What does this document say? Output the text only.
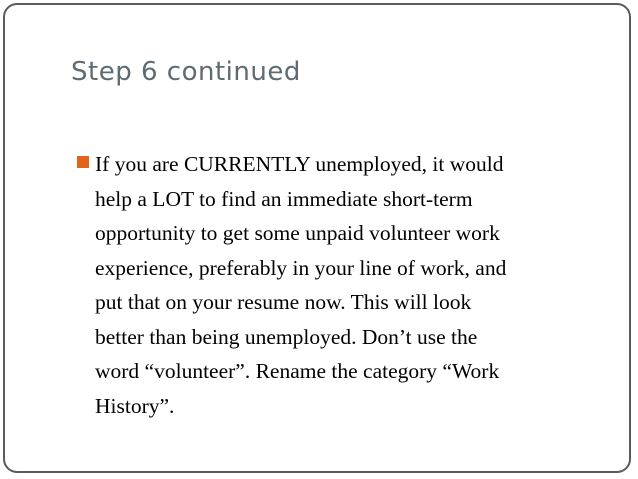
Step 6 continued
If you are CURRENTLY unemployed, it would
help a LOT to find an immediate short-term
opportunity to get some unpaid volunteer work
experience, preferably in your line of work, and
put that on your resume now. This will look
better than being unemployed. Don’t use the
word “volunteer”. Rename the category “Work
History”.
